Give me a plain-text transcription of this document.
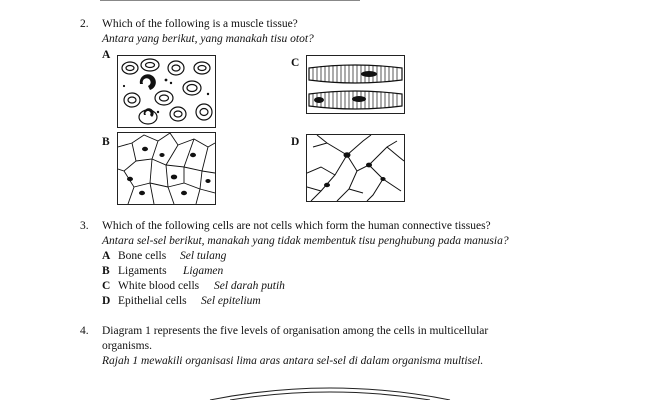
2. Which of the following is a muscle tissue?
Antara yang berikut, yang manakah tisu otot?
A
C
B	D
3. Which of the following cells are not cells which form the human connective tissues?
Antara sel-sel berikut, manakah yang tidak membentuk tisu penghubung pada manusia?
A Bone cells Sel tulang
B Ligaments Ligamen
C White blood cells Sel darah putih
D Epithelial cells Sel epitelium
4. Diagram 1 represents the five levels of organisation among the cells in multicellular
organisms.
Rajah 1 mewakili organisasi lima aras antara sel-sel di dalam organisma multisel.
